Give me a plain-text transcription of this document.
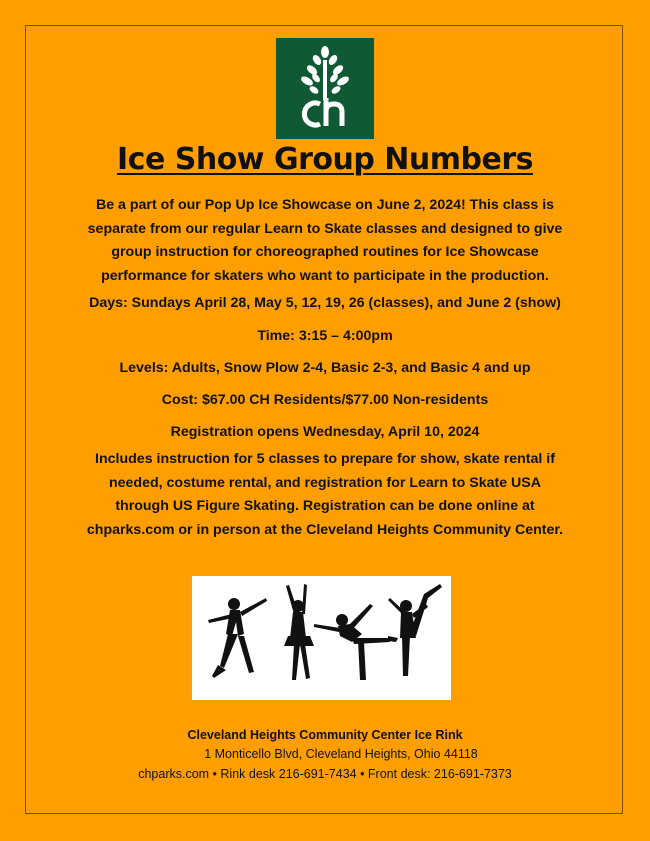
Ice Show Group Numbers
Be a part of our Pop Up Ice Showcase on June 2, 2024! This class is
separate from our regular Learn to Skate classes and designed to give
group instruction for choreographed routines for Ice Showcase
performance for skaters who want to participate in the production.
Days: Sundays April 28, May 5, 12, 19, 26 (classes), and June 2 (show)
Time: 3:15 – 4:00pm
Levels: Adults, Snow Plow 2-4, Basic 2-3, and Basic 4 and up
Cost: $67.00 CH Residents/$77.00 Non-residents
Registration opens Wednesday, April 10, 2024
Includes instruction for 5 classes to prepare for show, skate rental if
needed, costume rental, and registration for Learn to Skate USA
through US Figure Skating. Registration can be done online at
chparks.com or in person at the Cleveland Heights Community Center.
Cleveland Heights Community Center Ice Rink
1 Monticello Blvd, Cleveland Heights, Ohio 44118
chparks.com • Rink desk 216-691-7434 • Front desk: 216-691-7373
